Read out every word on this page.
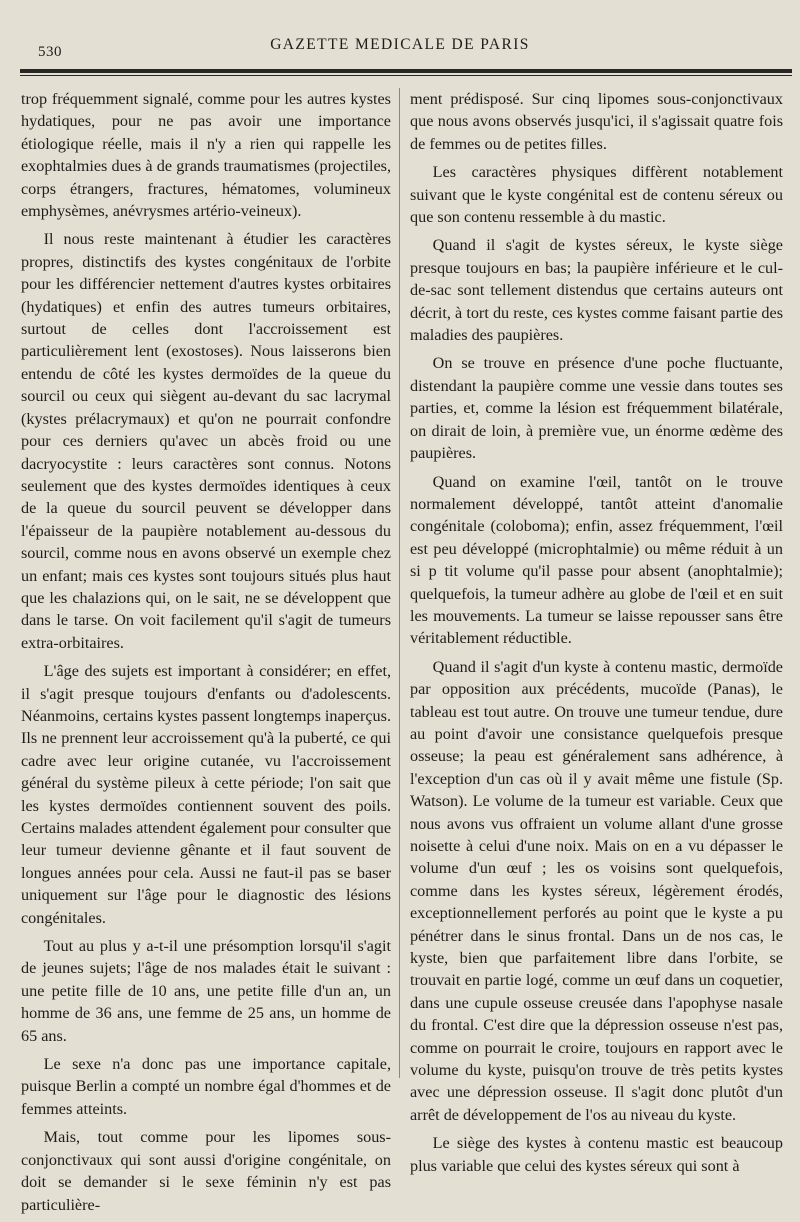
530	GAZETTE MEDICALE DE PARIS

trop fréquemment signalé, comme pour les autres kystes hydatiques, pour ne pas avoir une importance étiologique réelle, mais il n'y a rien qui rappelle les exophtalmies dues à de grands traumatismes (projectiles, corps étrangers, fractures, hématomes, volumineux emphysèmes, anévrysmes artério-veineux).

Il nous reste maintenant à étudier les caractères propres, distinctifs des kystes congénitaux de l'orbite pour les différencier nettement d'autres kystes orbitaires (hydatiques) et enfin des autres tumeurs orbitaires, surtout de celles dont l'accroissement est particulièrement lent (exostoses). Nous laisserons bien entendu de côté les kystes dermoïdes de la queue du sourcil ou ceux qui siègent au-devant du sac lacrymal (kystes prélacrymaux) et qu'on ne pourrait confondre pour ces derniers qu'avec un abcès froid ou une dacryocystite : leurs caractères sont connus. Notons seulement que des kystes dermoïdes identiques à ceux de la queue du sourcil peuvent se développer dans l'épaisseur de la paupière notablement au-dessous du sourcil, comme nous en avons observé un exemple chez un enfant; mais ces kystes sont toujours situés plus haut que les chalazions qui, on le sait, ne se développent que dans le tarse. On voit facilement qu'il s'agit de tumeurs extra-orbitaires.

L'âge des sujets est important à considérer; en effet, il s'agit presque toujours d'enfants ou d'adolescents. Néanmoins, certains kystes passent longtemps inaperçus. Ils ne prennent leur accroissement qu'à la puberté, ce qui cadre avec leur origine cutanée, vu l'accroissement général du système pileux à cette période; l'on sait que les kystes dermoïdes contiennent souvent des poils. Certains malades attendent également pour consulter que leur tumeur devienne gênante et il faut souvent de longues années pour cela. Aussi ne faut-il pas se baser uniquement sur l'âge pour le diagnostic des lésions congénitales.

Tout au plus y a-t-il une présomption lorsqu'il s'agit de jeunes sujets; l'âge de nos malades était le suivant : une petite fille de 10 ans, une petite fille d'un an, un homme de 36 ans, une femme de 25 ans, un homme de 65 ans.

Le sexe n'a donc pas une importance capitale, puisque Berlin a compté un nombre égal d'hommes et de femmes atteints.

Mais, tout comme pour les lipomes sous-conjonctivaux qui sont aussi d'origine congénitale, on doit se demander si le sexe féminin n'y est pas particulière-

ment prédisposé. Sur cinq lipomes sous-conjonctivaux que nous avons observés jusqu'ici, il s'agissait quatre fois de femmes ou de petites filles.

Les caractères physiques diffèrent notablement suivant que le kyste congénital est de contenu séreux ou que son contenu ressemble à du mastic.

Quand il s'agit de kystes séreux, le kyste siège presque toujours en bas; la paupière inférieure et le cul-de-sac sont tellement distendus que certains auteurs ont décrit, à tort du reste, ces kystes comme faisant partie des maladies des paupières.

On se trouve en présence d'une poche fluctuante, distendant la paupière comme une vessie dans toutes ses parties, et, comme la lésion est fréquemment bilatérale, on dirait de loin, à première vue, un énorme œdème des paupières.

Quand on examine l'œil, tantôt on le trouve normalement développé, tantôt atteint d'anomalie congénitale (coloboma); enfin, assez fréquemment, l'œil est peu développé (microphtalmie) ou même réduit à un si p tit volume qu'il passe pour absent (anophtalmie); quelquefois, la tumeur adhère au globe de l'œil et en suit les mouvements. La tumeur se laisse repousser sans être véritablement réductible.

Quand il s'agit d'un kyste à contenu mastic, dermoïde par opposition aux précédents, mucoïde (Panas), le tableau est tout autre. On trouve une tumeur tendue, dure au point d'avoir une consistance quelquefois presque osseuse; la peau est généralement sans adhérence, à l'exception d'un cas où il y avait même une fistule (Sp. Watson). Le volume de la tumeur est variable. Ceux que nous avons vus offraient un volume allant d'une grosse noisette à celui d'une noix. Mais on en a vu dépasser le volume d'un œuf ; les os voisins sont quelquefois, comme dans les kystes séreux, légèrement érodés, exceptionnellement perforés au point que le kyste a pu pénétrer dans le sinus frontal. Dans un de nos cas, le kyste, bien que parfaitement libre dans l'orbite, se trouvait en partie logé, comme un œuf dans un coquetier, dans une cupule osseuse creusée dans l'apophyse nasale du frontal. C'est dire que la dépression osseuse n'est pas, comme on pourrait le croire, toujours en rapport avec le volume du kyste, puisqu'on trouve de très petits kystes avec une dépression osseuse. Il s'agit donc plutôt d'un arrêt de développement de l'os au niveau du kyste.

Le siège des kystes à contenu mastic est beaucoup plus variable que celui des kystes séreux qui sont à
